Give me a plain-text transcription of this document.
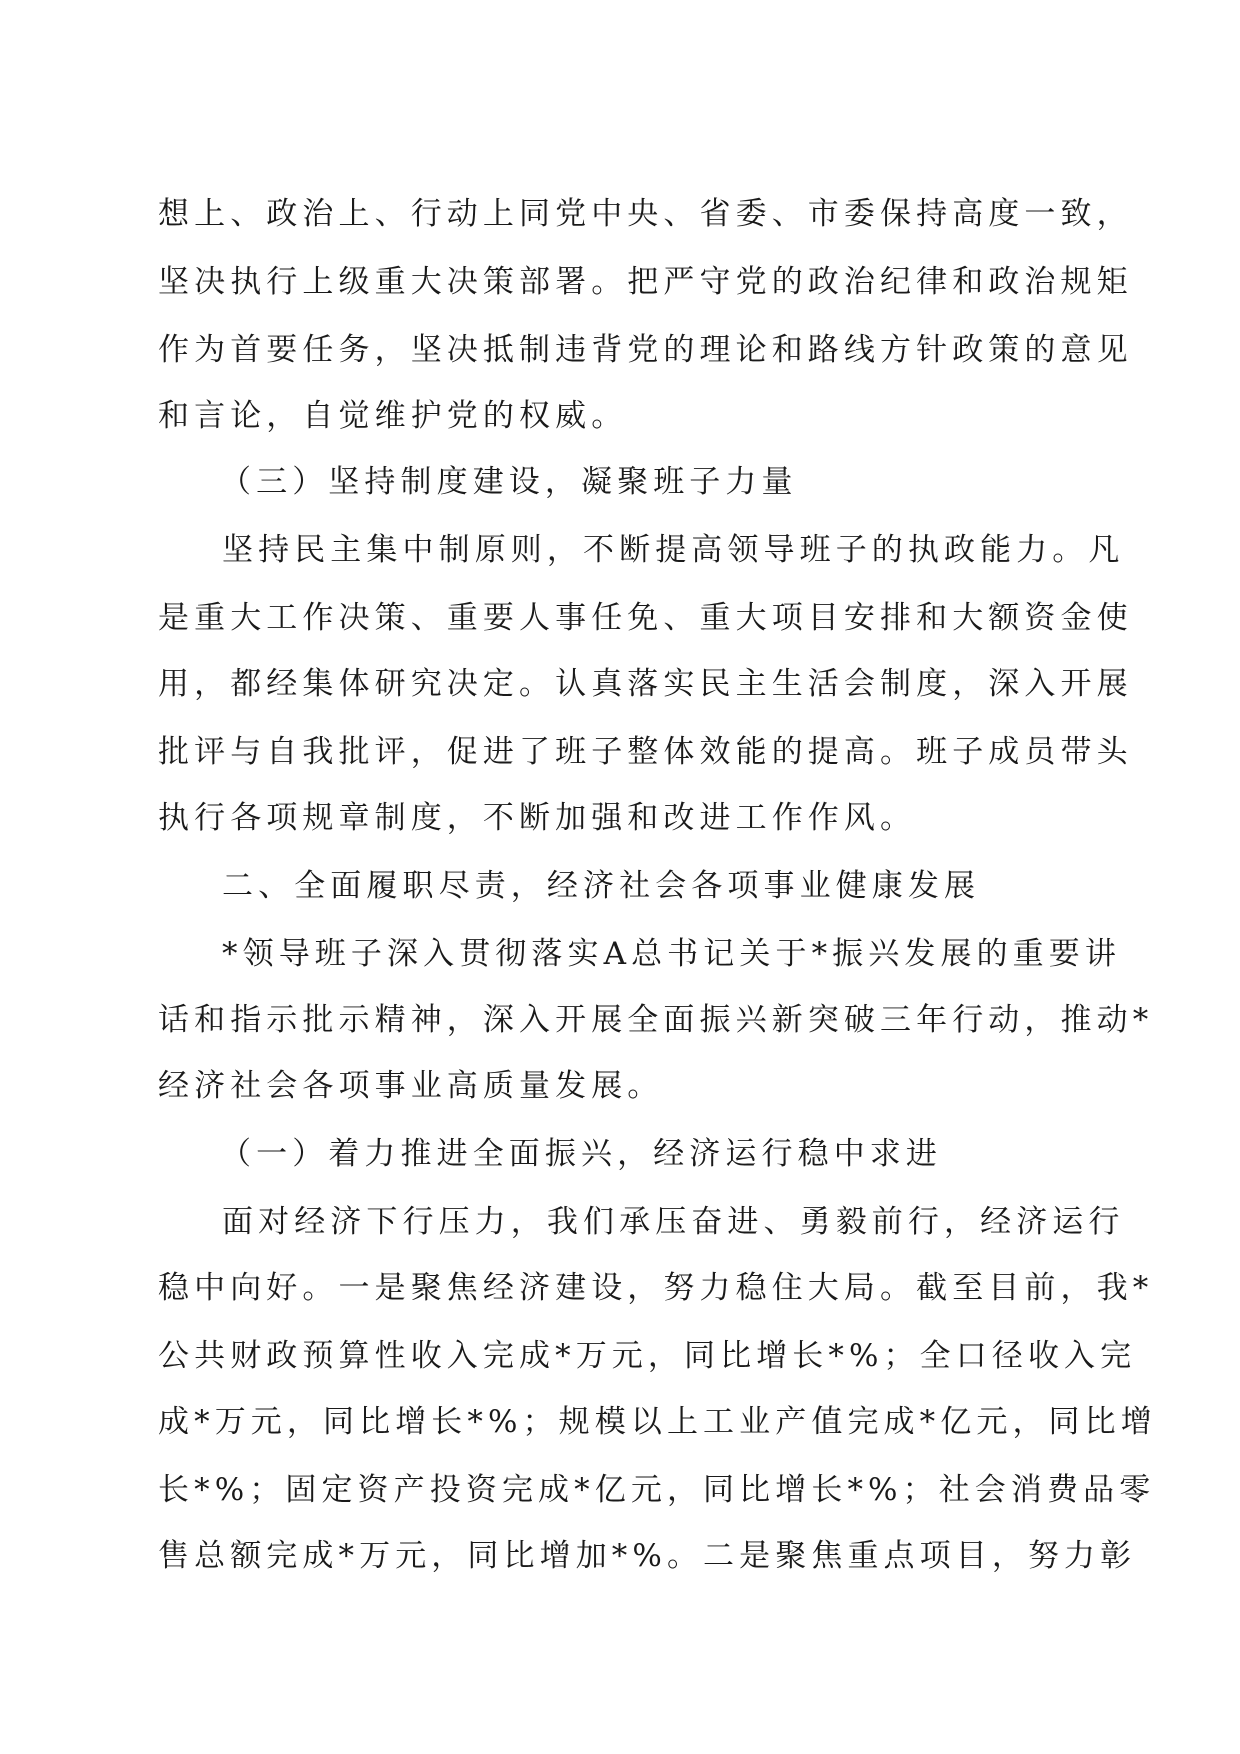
想上、政治上、行动上同党中央、省委、市委保持高度一致，
坚决执行上级重大决策部署。把严守党的政治纪律和政治规矩
作为首要任务，坚决抵制违背党的理论和路线方针政策的意见
和言论，自觉维护党的权威。
（三）坚持制度建设，凝聚班子力量
坚持民主集中制原则，不断提高领导班子的执政能力。凡
是重大工作决策、重要人事任免、重大项目安排和大额资金使
用，都经集体研究决定。认真落实民主生活会制度，深入开展
批评与自我批评，促进了班子整体效能的提高。班子成员带头
执行各项规章制度，不断加强和改进工作作风。
二、全面履职尽责，经济社会各项事业健康发展
*领导班子深入贯彻落实A总书记关于*振兴发展的重要讲
话和指示批示精神，深入开展全面振兴新突破三年行动，推动*
经济社会各项事业高质量发展。
（一）着力推进全面振兴，经济运行稳中求进
面对经济下行压力，我们承压奋进、勇毅前行，经济运行
稳中向好。一是聚焦经济建设，努力稳住大局。截至目前，我*
公共财政预算性收入完成*万元，同比增长*%；全口径收入完
成*万元，同比增长*%；规模以上工业产值完成*亿元，同比增
长*%；固定资产投资完成*亿元，同比增长*%；社会消费品零
售总额完成*万元，同比增加*%。二是聚焦重点项目，努力彰
